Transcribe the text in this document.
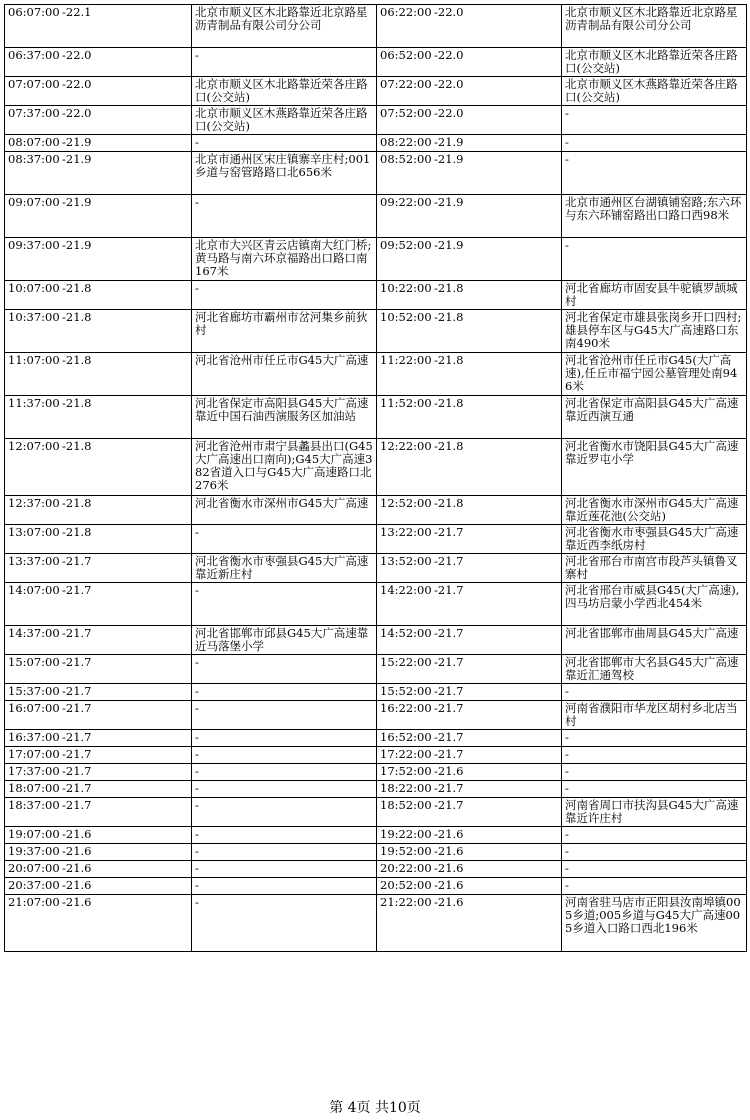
06:07:00 -22.1	北京市顺义区木北路靠近北京路星沥青制品有限公司分公司	06:22:00 -22.0	北京市顺义区木北路靠近北京路星沥青制品有限公司分公司
06:37:00 -22.0	-	06:52:00 -22.0	北京市顺义区木北路靠近荣各庄路口(公交站)
07:07:00 -22.0	北京市顺义区木北路靠近荣各庄路口(公交站)	07:22:00 -22.0	北京市顺义区木燕路靠近荣各庄路口(公交站)
07:37:00 -22.0	北京市顺义区木燕路靠近荣各庄路口(公交站)	07:52:00 -22.0	-
08:07:00 -21.9	-	08:22:00 -21.9	-
08:37:00 -21.9	北京市通州区宋庄镇寨辛庄村;001乡道与窑管路路口北656米	08:52:00 -21.9	-
09:07:00 -21.9	-	09:22:00 -21.9	北京市通州区台湖镇铺窑路;东六环与东六环铺窑路出口路口西98米
09:37:00 -21.9	北京市大兴区青云店镇南大红门桥;黄马路与南六环京福路出口路口南167米	09:52:00 -21.9	-
10:07:00 -21.8	-	10:22:00 -21.8	河北省廊坊市固安县牛驼镇罗颉城村
10:37:00 -21.8	河北省廊坊市霸州市岔河集乡前狄村	10:52:00 -21.8	河北省保定市雄县张岗乡开口四村;雄县停车区与G45大广高速路口东南490米
11:07:00 -21.8	河北省沧州市任丘市G45大广高速	11:22:00 -21.8	河北省沧州市任丘市G45(大广高速),任丘市福宁园公墓管理处南946米
11:37:00 -21.8	河北省保定市高阳县G45大广高速靠近中国石油西演服务区加油站	11:52:00 -21.8	河北省保定市高阳县G45大广高速靠近西演互通
12:07:00 -21.8	河北省沧州市肃宁县蠡县出口(G45大广高速出口南向);G45大广高速382省道入口与G45大广高速路口北276米	12:22:00 -21.8	河北省衡水市饶阳县G45大广高速靠近罗屯小学
12:37:00 -21.8	河北省衡水市深州市G45大广高速	12:52:00 -21.8	河北省衡水市深州市G45大广高速靠近莲花池(公交站)
13:07:00 -21.8	-	13:22:00 -21.7	河北省衡水市枣强县G45大广高速靠近西李纸房村
13:37:00 -21.7	河北省衡水市枣强县G45大广高速靠近新庄村	13:52:00 -21.7	河北省邢台市南宫市段芦头镇鲁叉寨村
14:07:00 -21.7	-	14:22:00 -21.7	河北省邢台市威县G45(大广高速),四马坊启蒙小学西北454米
14:37:00 -21.7	河北省邯郸市邱县G45大广高速靠近马落堡小学	14:52:00 -21.7	河北省邯郸市曲周县G45大广高速
15:07:00 -21.7	-	15:22:00 -21.7	河北省邯郸市大名县G45大广高速靠近汇通驾校
15:37:00 -21.7	-	15:52:00 -21.7	-
16:07:00 -21.7	-	16:22:00 -21.7	河南省濮阳市华龙区胡村乡北店当村
16:37:00 -21.7	-	16:52:00 -21.7	-
17:07:00 -21.7	-	17:22:00 -21.7	-
17:37:00 -21.7	-	17:52:00 -21.6	-
18:07:00 -21.7	-	18:22:00 -21.7	-
18:37:00 -21.7	-	18:52:00 -21.7	河南省周口市扶沟县G45大广高速靠近许庄村
19:07:00 -21.6	-	19:22:00 -21.6	-
19:37:00 -21.6	-	19:52:00 -21.6	-
20:07:00 -21.6	-	20:22:00 -21.6	-
20:37:00 -21.6	-	20:52:00 -21.6	-
21:07:00 -21.6	-	21:22:00 -21.6	河南省驻马店市正阳县汝南埠镇005乡道;005乡道与G45大广高速005乡道入口路口西北196米
第 4页 共10页
